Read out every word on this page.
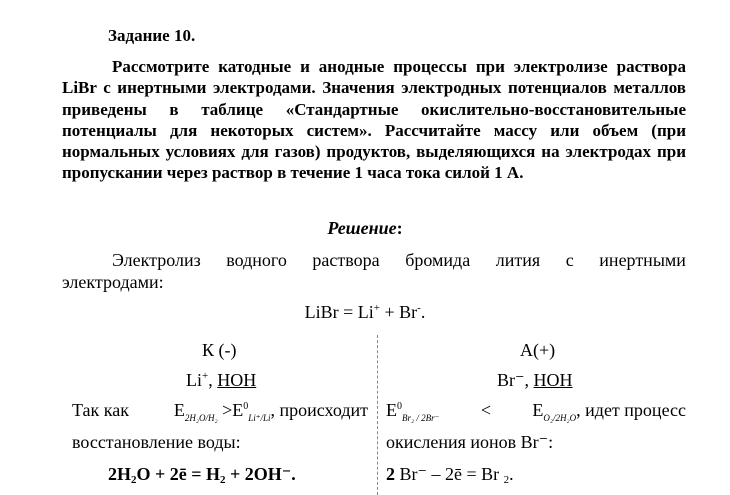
Задание 10.

Рассмотрите катодные и анодные процессы при электролизе раствора LiBr с инертными электродами. Значения электродных потенциалов металлов приведены в таблице «Стандартные окислительно-восстановительные потенциалы для некоторых систем». Рассчитайте массу или объем (при нормальных условиях для газов) продуктов, выделяющихся на электродах при пропускании через раствор в течение 1 часа тока силой 1 А.

Решение:
Электролиз водного раствора бромида лития с инертными
электродами:
LiBr = Li+ + Br-.
К (-)
Li+, HOH
Так как $E_{2H_2O/H_2} >E^0_{Li^+/Li}$, происходит
восстановление воды:
$2H_2O$ + 2ē = $H_2 + 2OH^-$.
A(+)
Br⁻, HOH
$E^0_{Br_2 / 2Br^-} < E_{O_2/2H_2O}$, идет процесс
окисления ионов Br⁻:
2 Br⁻ – 2ē = Br $_2$.
